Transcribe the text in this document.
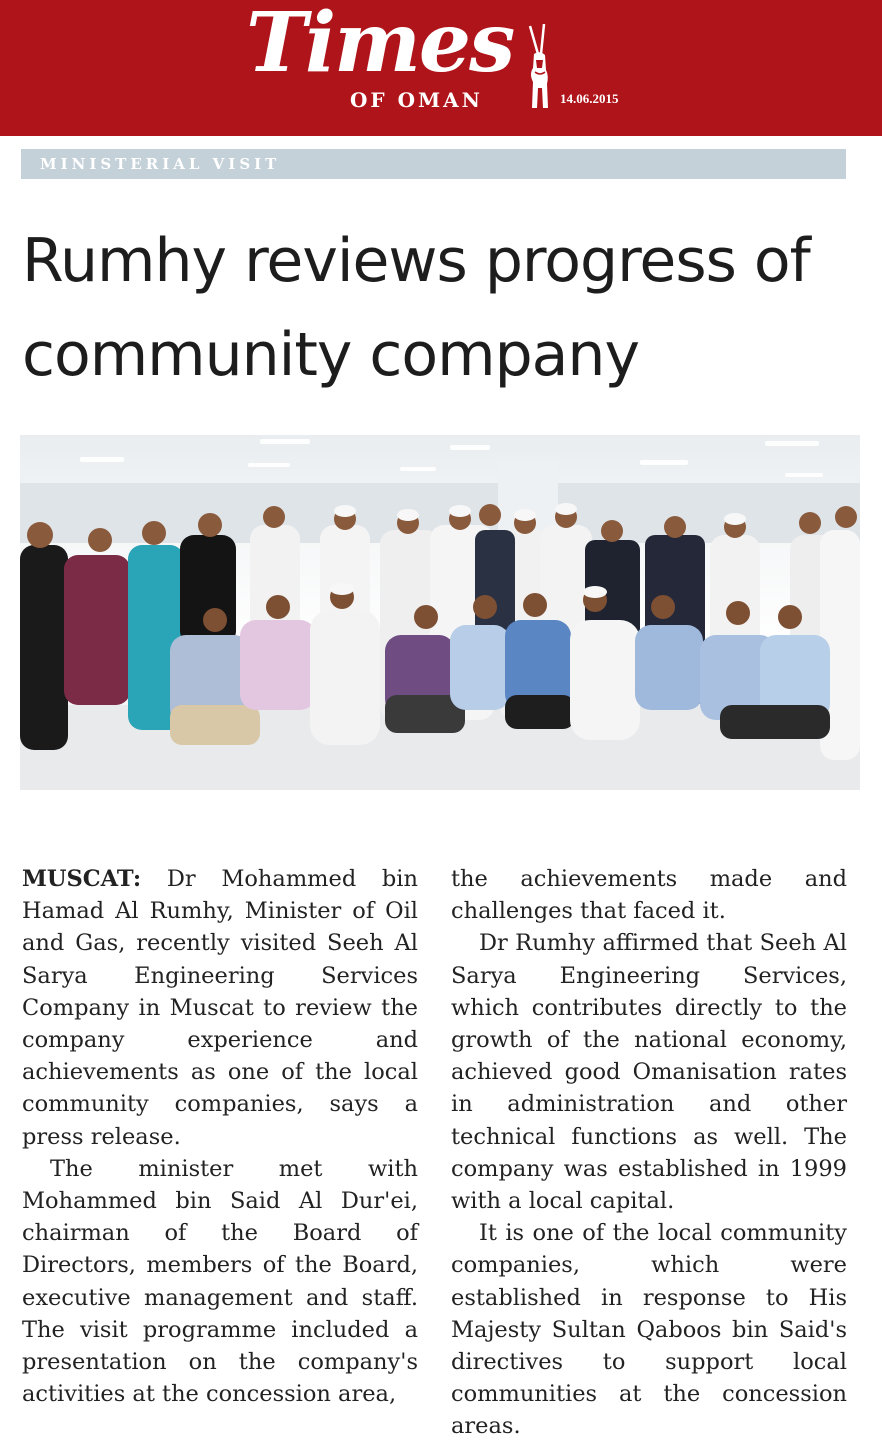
Times
OF OMAN	14.06.2015
MINISTERIAL VISIT
Rumhy reviews progress of community company

MUSCAT: Dr Mohammed bin Hamad Al Rumhy, Minister of Oil and Gas, recently visited Seeh Al Sarya Engineering Services Company in Muscat to review the company experience and achievements as one of the local community companies, says a press release.

The minister met with Mohammed bin Said Al Dur'ei, chairman of the Board of Directors, members of the Board, executive management and staff. The visit programme included a presentation on the company's activities at the concession area,

the achievements made and challenges that faced it.

Dr Rumhy affirmed that Seeh Al Sarya Engineering Services, which contributes directly to the growth of the national economy, achieved good Omanisation rates in administration and other technical functions as well. The company was established in 1999 with a local capital.

It is one of the local community companies, which were established in response to His Majesty Sultan Qaboos bin Said's directives to support local communities at the concession areas.
